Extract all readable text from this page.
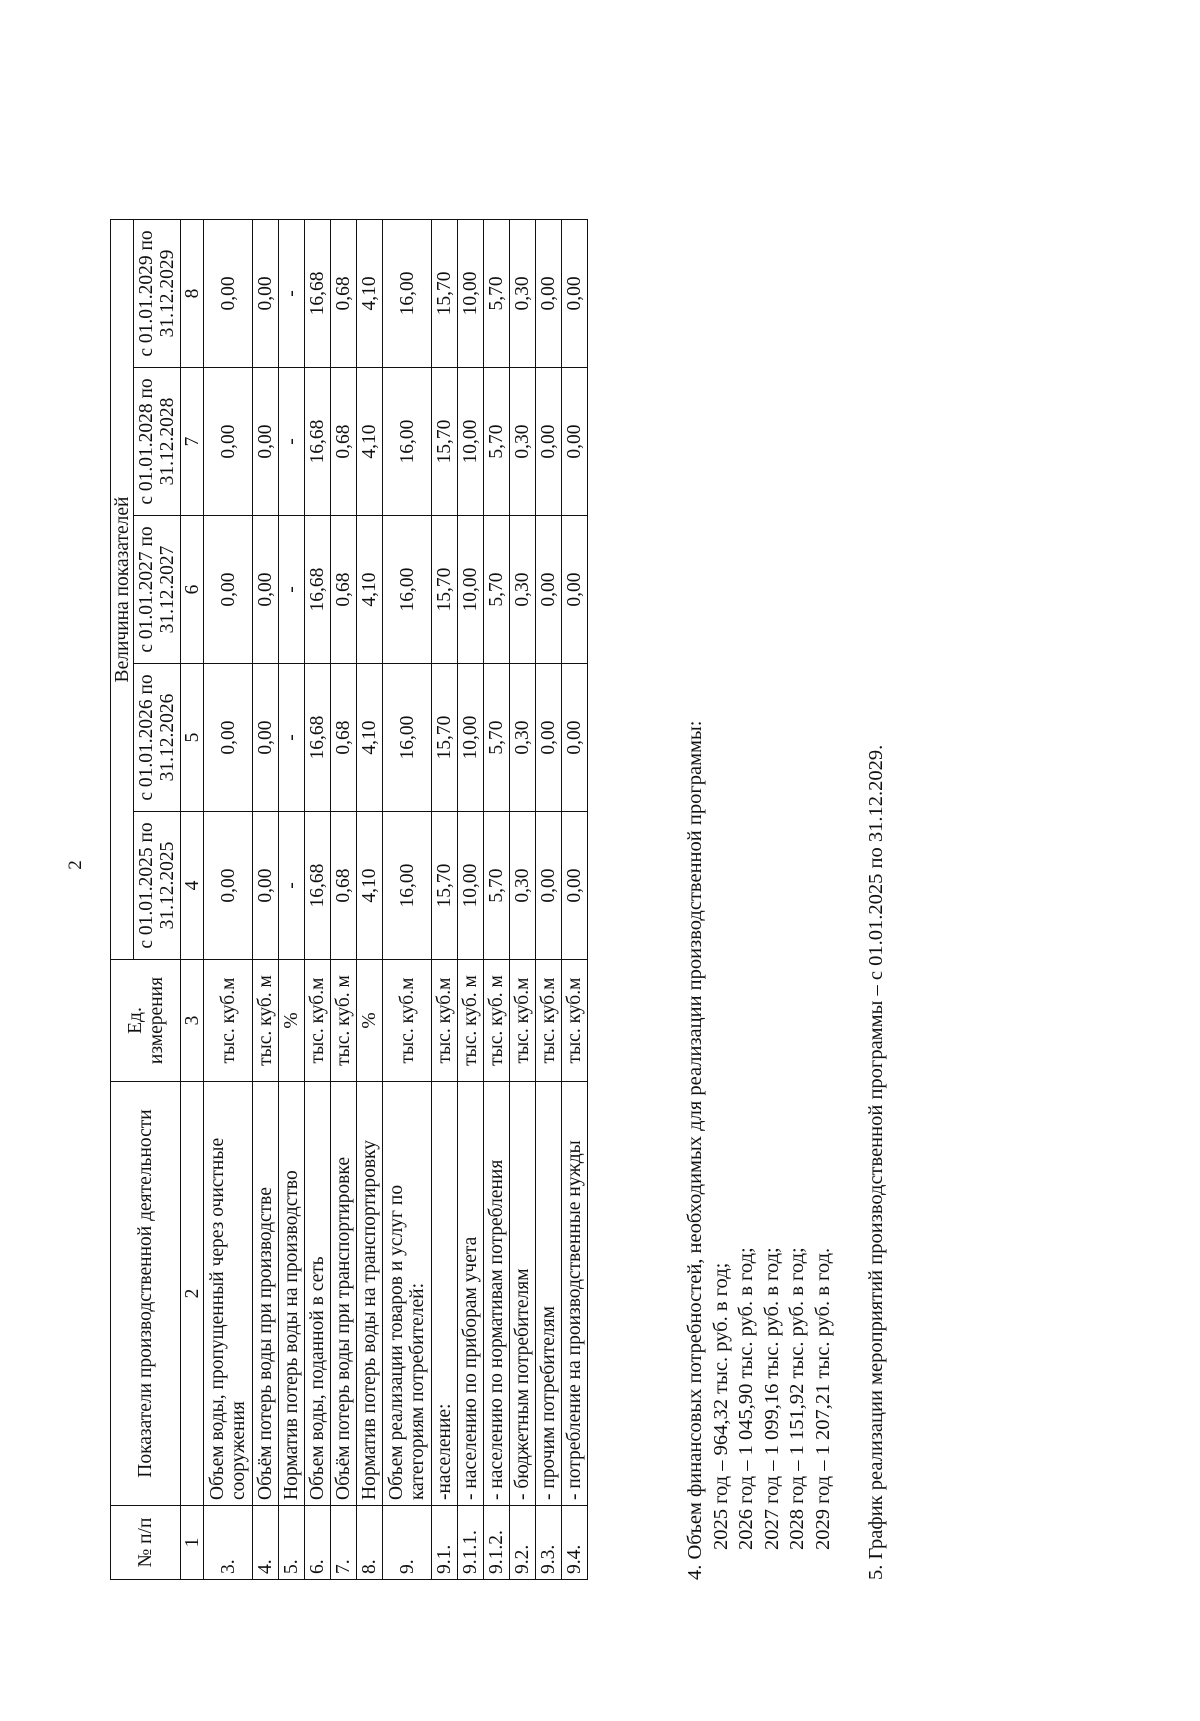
2
№ п/п	Показатели производственной деятельности	Ед. измерения	Величина показателей				
			с 01.01.2025 по 31.12.2025	с 01.01.2026 по 31.12.2026	с 01.01.2027 по 31.12.2027	с 01.01.2028 по 31.12.2028	с 01.01.2029 по 31.12.2029
1	2	3	4	5	6	7	8
3.	Объем воды, пропущенный через очистные сооружения	тыс. куб.м	0,00	0,00	0,00	0,00	0,00
4.	Объём потерь воды при производстве	тыс. куб. м	0,00	0,00	0,00	0,00	0,00
5.	Норматив потерь воды на производство	%	-	-	-	-	-
6.	Объем воды, поданной в сеть	тыс. куб.м	16,68	16,68	16,68	16,68	16,68
7.	Объём потерь воды при транспортировке	тыс. куб. м	0,68	0,68	0,68	0,68	0,68
8.	Норматив потерь воды на транспортировку	%	4,10	4,10	4,10	4,10	4,10
9.	Объем реализации товаров и услуг по категориям потребителей:	тыс. куб.м	16,00	16,00	16,00	16,00	16,00
9.1.	-население:	тыс. куб.м	15,70	15,70	15,70	15,70	15,70
9.1.1.	- населению по приборам учета	тыс. куб. м	10,00	10,00	10,00	10,00	10,00
9.1.2.	- населению по нормативам потребления	тыс. куб. м	5,70	5,70	5,70	5,70	5,70
9.2.	- бюджетным потребителям	тыс. куб.м	0,30	0,30	0,30	0,30	0,30
9.3.	- прочим потребителям	тыс. куб.м	0,00	0,00	0,00	0,00	0,00
9.4.	- потребление на производственные нужды	тыс. куб.м	0,00	0,00	0,00	0,00	0,00

4. Объем финансовых потребностей, необходимых для реализации производственной программы: 2025 год – 964,32 тыс. руб. в год; 2026 год – 1 045,90 тыс. руб. в год; 2027 год – 1 099,16 тыс. руб. в год; 2028 год – 1 151,92 тыс. руб. в год; 2029 год – 1 207,21 тыс. руб. в год. 5. График реализации мероприятий производственной программы – с 01.01.2025 по 31.12.2029.
